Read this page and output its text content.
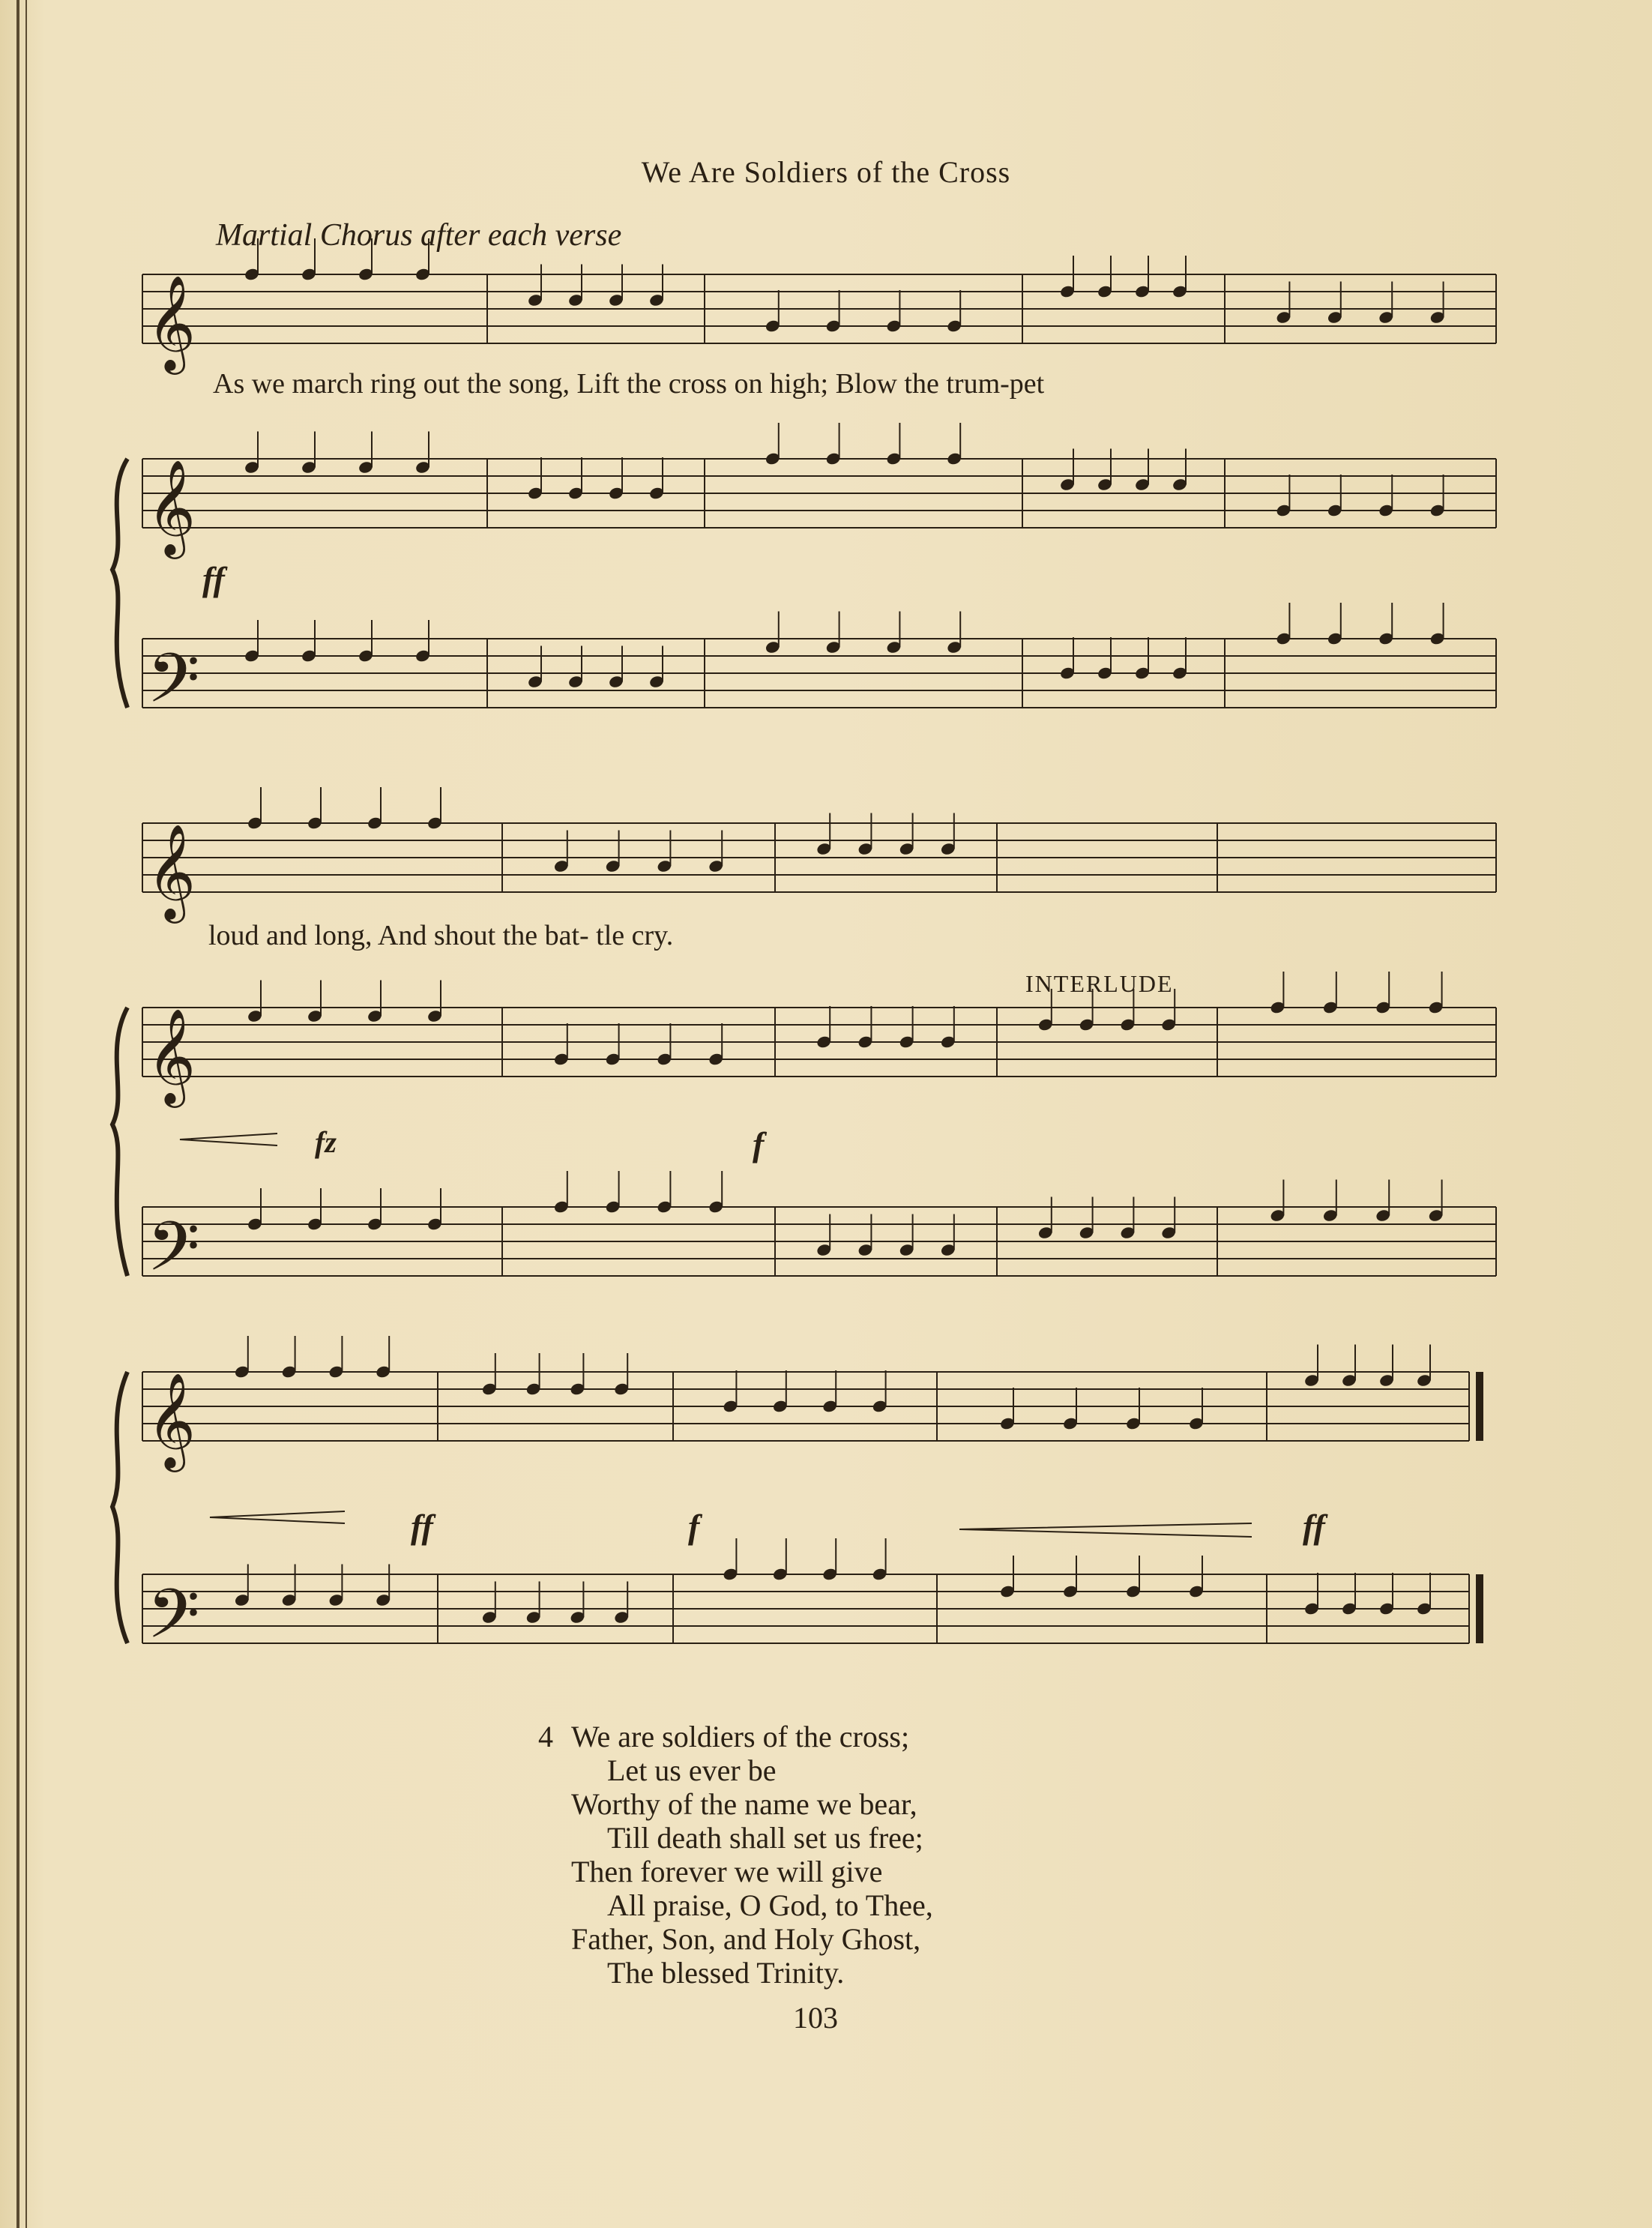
We Are Soldiers of the Cross
Martial Chorus after each verse
𝄞
𝄞
𝄢
𝄞
𝄞
𝄢
𝄞
𝄢
As we march ring out the song, Lift the cross on high; Blow the trum-pet
ff
loud and long, And shout the bat- tle cry.
INTERLUDE
fz	f
ff	f	ff
4 We are soldiers of the cross;
Let us ever be
Worthy of the name we bear,
Till death shall set us free;
Then forever we will give
All praise, O God, to Thee,
Father, Son, and Holy Ghost,
The blessed Trinity.
103
